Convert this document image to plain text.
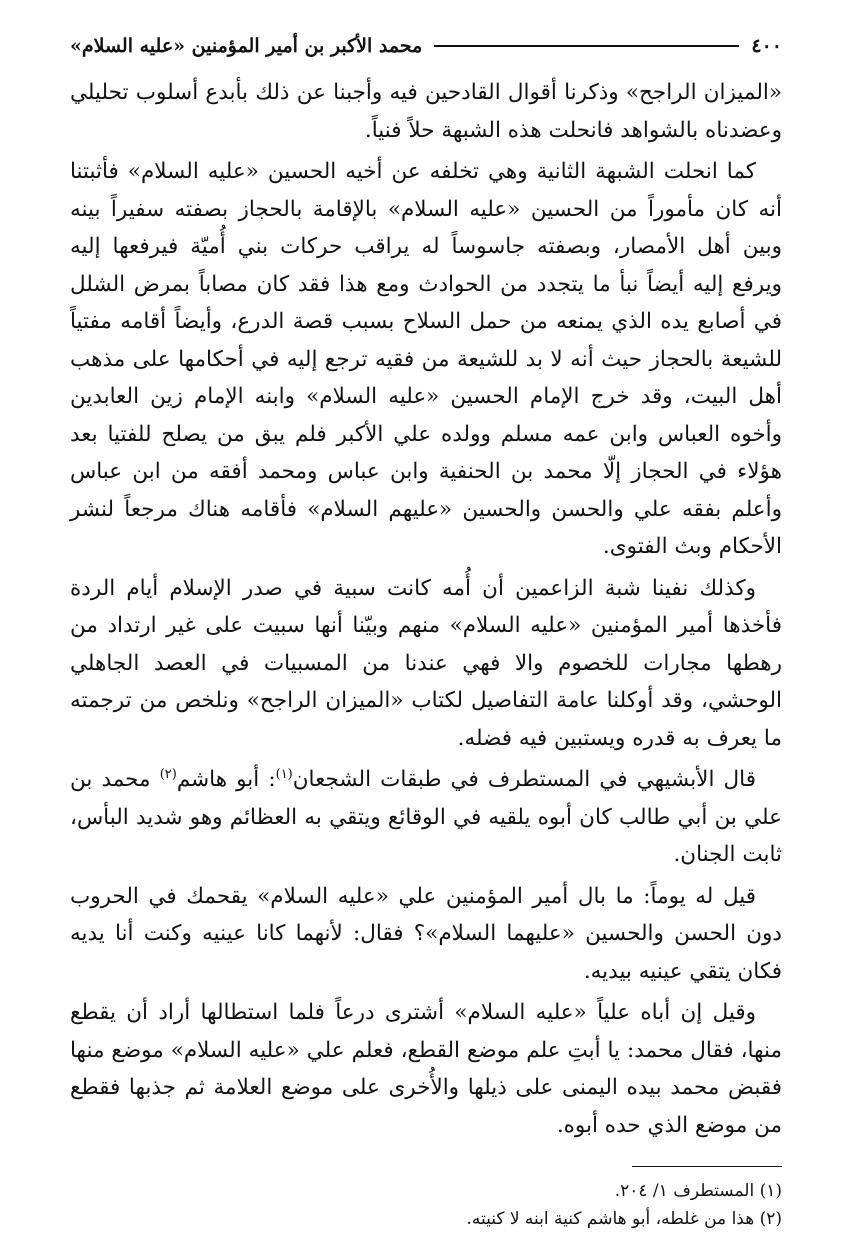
٤٠٠
محمد الأكبر بن أمير المؤمنين «عليه السلام»

«الميزان الراجح» وذكرنا أقوال القادحين فيه وأجبنا عن ذلك بأبدع أسلوب تحليلي وعضدناه بالشواهد فانحلت هذه الشبهة حلاً فنياً.

كما انحلت الشبهة الثانية وهي تخلفه عن أخيه الحسين «عليه السلام» فأثبتنا أنه كان مأموراً من الحسين «عليه السلام» بالإقامة بالحجاز بصفته سفيراً بينه وبين أهل الأمصار، وبصفته جاسوساً له يراقب حركات بني أُميّة فيرفعها إليه ويرفع إليه أيضاً نبأ ما يتجدد من الحوادث ومع هذا فقد كان مصاباً بمرض الشلل في أصابع يده الذي يمنعه من حمل السلاح بسبب قصة الدرع، وأيضاً أقامه مفتياً للشيعة بالحجاز حيث أنه لا بد للشيعة من فقيه ترجع إليه في أحكامها على مذهب أهل البيت، وقد خرج الإمام الحسين «عليه السلام» وابنه الإمام زين العابدين وأخوه العباس وابن عمه مسلم وولده علي الأكبر فلم يبق من يصلح للفتيا بعد هؤلاء في الحجاز إلّا محمد بن الحنفية وابن عباس ومحمد أفقه من ابن عباس وأعلم بفقه علي والحسن والحسين «عليهم السلام» فأقامه هناك مرجعاً لنشر الأحكام وبث الفتوى.

وكذلك نفينا شبة الزاعمين أن أُمه كانت سبية في صدر الإسلام أيام الردة فأخذها أمير المؤمنين «عليه السلام» منهم وبيّنا أنها سبيت على غير ارتداد من رهطها مجارات للخصوم والا فهي عندنا من المسبيات في العصد الجاهلي الوحشي، وقد أوكلنا عامة التفاصيل لكتاب «الميزان الراجح» ونلخص من ترجمته ما يعرف به قدره ويستبين فيه فضله.

قال الأبشيهي في المستطرف في طبقات الشجعان$^{(١)}$: أبو هاشم$^{(٢)}$ محمد بن علي بن أبي طالب كان أبوه يلقيه في الوقائع ويتقي به العظائم وهو شديد البأس، ثابت الجنان.

قيل له يوماً: ما بال أمير المؤمنين علي «عليه السلام» يقحمك في الحروب دون الحسن والحسين «عليهما السلام»؟ فقال: لأنهما كانا عينيه وكنت أنا يديه فكان يتقي عينيه بيديه.

وقيل إن أباه علياً «عليه السلام» أشترى درعاً فلما استطالها أراد أن يقطع منها، فقال محمد: يا أبتِ علم موضع القطع، فعلم علي «عليه السلام» موضع منها فقبض محمد بيده اليمنى على ذيلها والأُخرى على موضع العلامة ثم جذبها فقطع من موضع الذي حده أبوه.

(١) المستطرف ١/ ٢٠٤.
(٢) هذا من غلطه، أبو هاشم كنية ابنه لا كنيته.
